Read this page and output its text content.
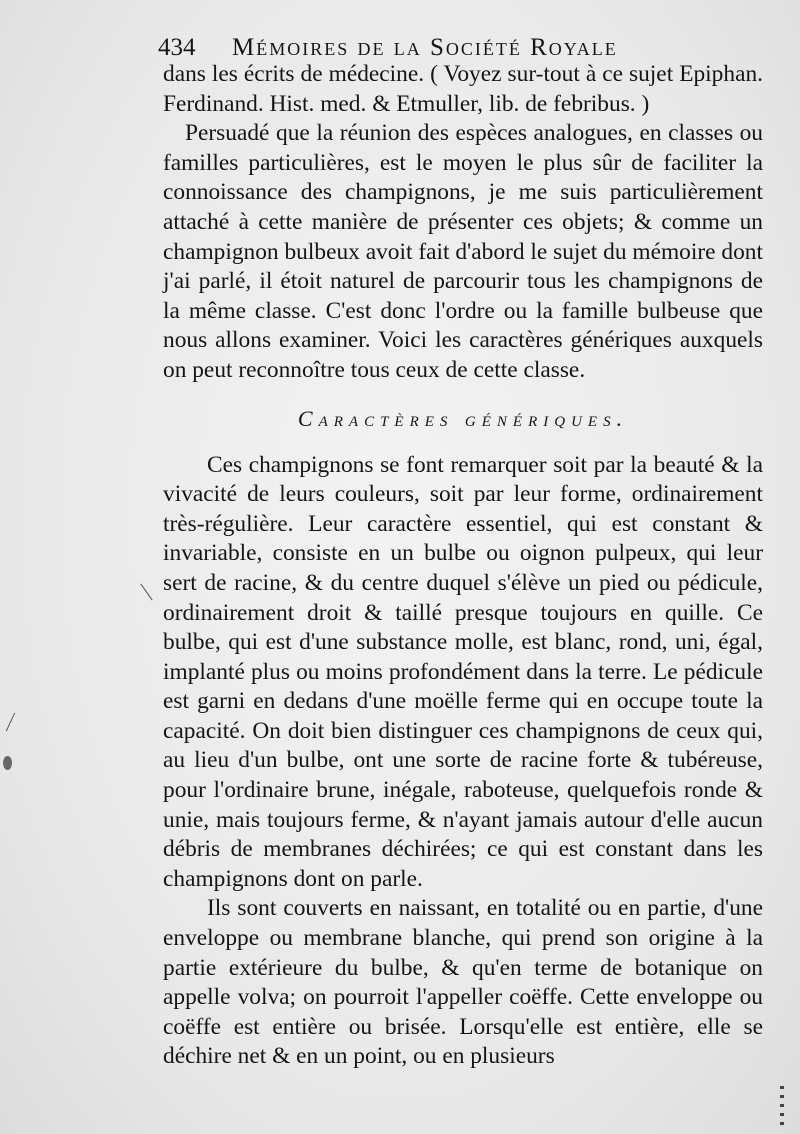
434 Mémoires de la Société Royale

dans les écrits de médecine. ( Voyez sur-tout à ce sujet Epiphan. Ferdinand. Hist. med. & Etmuller, lib. de febribus. )

Persuadé que la réunion des espèces analogues, en classes ou familles particulières, est le moyen le plus sûr de faciliter la connoissance des champignons, je me suis particulièrement attaché à cette manière de présenter ces objets; & comme un champignon bulbeux avoit fait d'abord le sujet du mémoire dont j'ai parlé, il étoit naturel de parcourir tous les champignons de la même classe. C'est donc l'ordre ou la famille bulbeuse que nous allons examiner. Voici les caractères génériques auxquels on peut reconnoître tous ceux de cette classe.

Caractères génériques.

Ces champignons se font remarquer soit par la beauté & la vivacité de leurs couleurs, soit par leur forme, ordinairement très-régulière. Leur caractère essentiel, qui est constant & invariable, consiste en un bulbe ou oignon pulpeux, qui leur sert de racine, & du centre duquel s'élève un pied ou pédicule, ordinairement droit & taillé presque toujours en quille. Ce bulbe, qui est d'une substance molle, est blanc, rond, uni, égal, implanté plus ou moins profondément dans la terre. Le pédicule est garni en dedans d'une moëlle ferme qui en occupe toute la capacité. On doit bien distinguer ces champignons de ceux qui, au lieu d'un bulbe, ont une sorte de racine forte & tubéreuse, pour l'ordinaire brune, inégale, raboteuse, quelquefois ronde & unie, mais toujours ferme, & n'ayant jamais autour d'elle aucun débris de membranes déchirées; ce qui est constant dans les champignons dont on parle.

Ils sont couverts en naissant, en totalité ou en partie, d'une enveloppe ou membrane blanche, qui prend son origine à la partie extérieure du bulbe, & qu'en terme de botanique on appelle volva; on pourroit l'appeller coëffe. Cette enveloppe ou coëffe est entière ou brisée. Lorsqu'elle est entière, elle se déchire net & en un point, ou en plusieurs
